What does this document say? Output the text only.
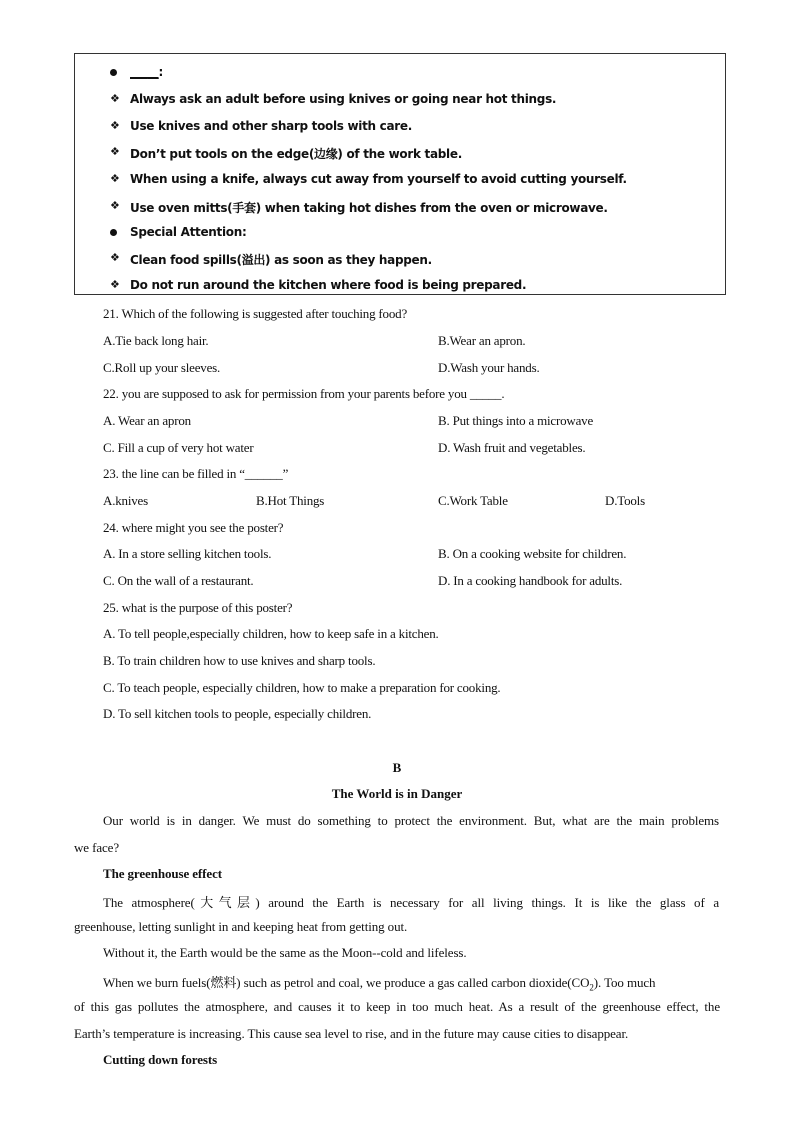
_____:
❖ Always ask an adult before using knives or going near hot things.
❖ Use knives and other sharp tools with care.
❖ Don’t put tools on the edge(边缘) of the work table.
❖ When using a knife, always cut away from yourself to avoid cutting yourself.
❖ Use oven mitts(手套) when taking hot dishes from the oven or microwave.
Special Attention:
❖ Clean food spills(溢出) as soon as they happen.
❖ Do not run around the kitchen where food is being prepared.
21. Which of the following is suggested after touching food?
A.Tie back long hair.	B.Wear an apron.
C.Roll up your sleeves.	D.Wash your hands.
22. you are supposed to ask for permission from your parents before you _____.
A. Wear an apron	B. Put things into a microwave
C. Fill a cup of very hot water	D. Wash fruit and vegetables.
23. the line can be filled in “______”
A.knives	B.Hot Things	C.Work Table	D.Tools
24. where might you see the poster?
A. In a store selling kitchen tools.	B. On a cooking website for children.
C. On the wall of a restaurant.	D. In a cooking handbook for adults.
25. what is the purpose of this poster?
A. To tell people,especially children, how to keep safe in a kitchen.
B. To train children how to use knives and sharp tools.
C. To teach people, especially children, how to make a preparation for cooking.
D. To sell kitchen tools to people, especially children.
B
The World is in Danger
Our world is in danger. We must do something to protect the environment. But, what are the main problems
we face?
The greenhouse effect
The atmosphere(大气层) around the Earth is necessary for all living things. It is like the glass of a
greenhouse, letting sunlight in and keeping heat from getting out.
Without it, the Earth would be the same as the Moon--cold and lifeless.
When we burn fuels(燃料) such as petrol and coal, we produce a gas called carbon $dioxide(CO_2)$. Too much
of this gas pollutes the atmosphere, and causes it to keep in too much heat. As a result of the greenhouse effect, the
Earth’s temperature is increasing. This cause sea level to rise, and in the future may cause cities to disappear.
Cutting down forests
